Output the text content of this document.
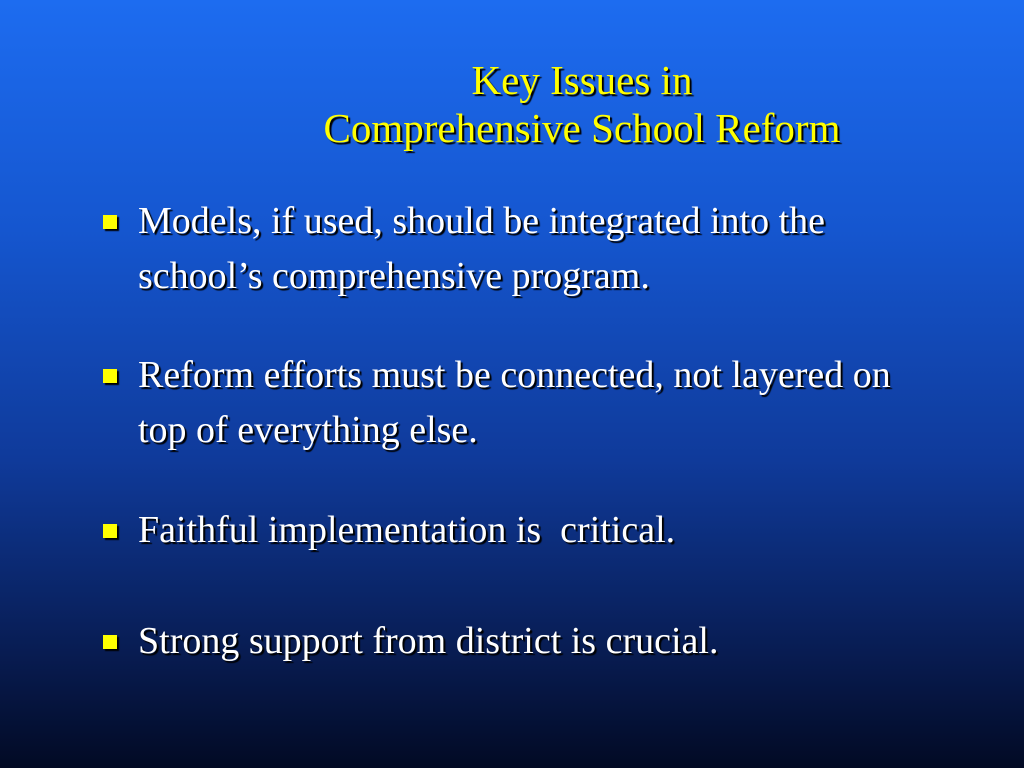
Key Issues in
Comprehensive School Reform
Models, if used, should be integrated into the school’s comprehensive program.
Reform efforts must be connected, not layered on top of everything else.
Faithful implementation is  critical.
Strong support from district is crucial.
